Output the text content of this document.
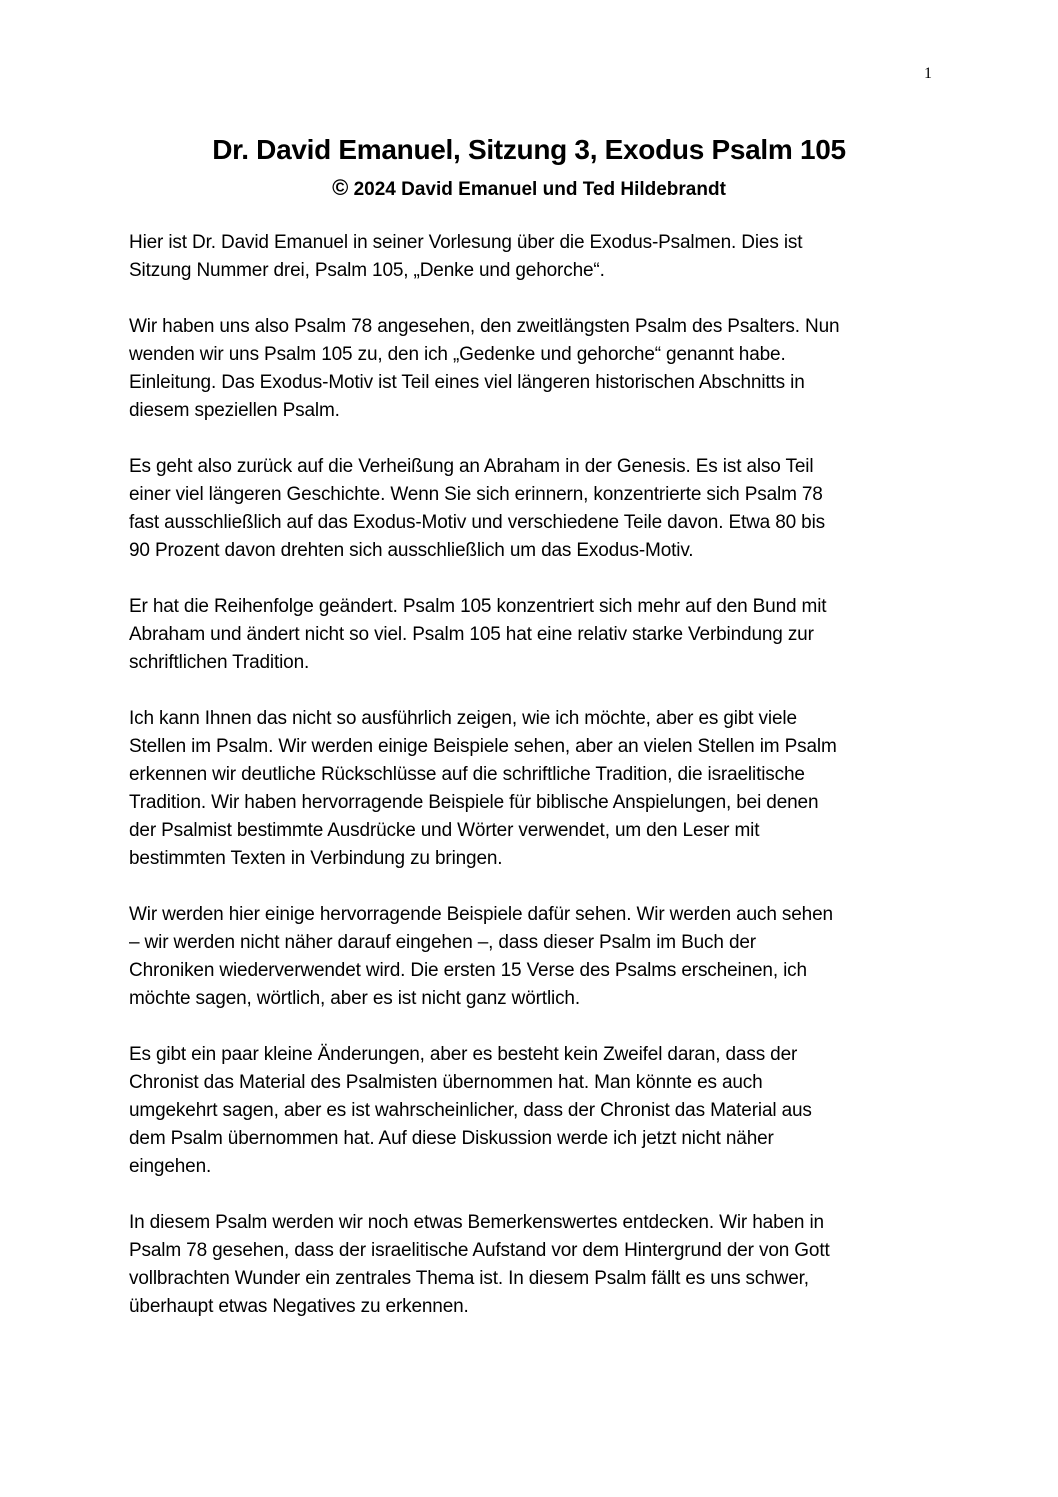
1
Dr. David Emanuel, Sitzung 3, Exodus Psalm 105
© 2024 David Emanuel und Ted Hildebrandt

Hier ist Dr. David Emanuel in seiner Vorlesung über die Exodus-Psalmen. Dies ist
Sitzung Nummer drei, Psalm 105, „Denke und gehorche“.

Wir haben uns also Psalm 78 angesehen, den zweitlängsten Psalm des Psalters. Nun
wenden wir uns Psalm 105 zu, den ich „Gedenke und gehorche“ genannt habe.
Einleitung. Das Exodus-Motiv ist Teil eines viel längeren historischen Abschnitts in
diesem speziellen Psalm.

Es geht also zurück auf die Verheißung an Abraham in der Genesis. Es ist also Teil
einer viel längeren Geschichte. Wenn Sie sich erinnern, konzentrierte sich Psalm 78
fast ausschließlich auf das Exodus-Motiv und verschiedene Teile davon. Etwa 80 bis
90 Prozent davon drehten sich ausschließlich um das Exodus-Motiv.

Er hat die Reihenfolge geändert. Psalm 105 konzentriert sich mehr auf den Bund mit
Abraham und ändert nicht so viel. Psalm 105 hat eine relativ starke Verbindung zur
schriftlichen Tradition.

Ich kann Ihnen das nicht so ausführlich zeigen, wie ich möchte, aber es gibt viele
Stellen im Psalm. Wir werden einige Beispiele sehen, aber an vielen Stellen im Psalm
erkennen wir deutliche Rückschlüsse auf die schriftliche Tradition, die israelitische
Tradition. Wir haben hervorragende Beispiele für biblische Anspielungen, bei denen
der Psalmist bestimmte Ausdrücke und Wörter verwendet, um den Leser mit
bestimmten Texten in Verbindung zu bringen.

Wir werden hier einige hervorragende Beispiele dafür sehen. Wir werden auch sehen
– wir werden nicht näher darauf eingehen –, dass dieser Psalm im Buch der
Chroniken wiederverwendet wird. Die ersten 15 Verse des Psalms erscheinen, ich
möchte sagen, wörtlich, aber es ist nicht ganz wörtlich.

Es gibt ein paar kleine Änderungen, aber es besteht kein Zweifel daran, dass der
Chronist das Material des Psalmisten übernommen hat. Man könnte es auch
umgekehrt sagen, aber es ist wahrscheinlicher, dass der Chronist das Material aus
dem Psalm übernommen hat. Auf diese Diskussion werde ich jetzt nicht näher
eingehen.

In diesem Psalm werden wir noch etwas Bemerkenswertes entdecken. Wir haben in
Psalm 78 gesehen, dass der israelitische Aufstand vor dem Hintergrund der von Gott
vollbrachten Wunder ein zentrales Thema ist. In diesem Psalm fällt es uns schwer,
überhaupt etwas Negatives zu erkennen.
